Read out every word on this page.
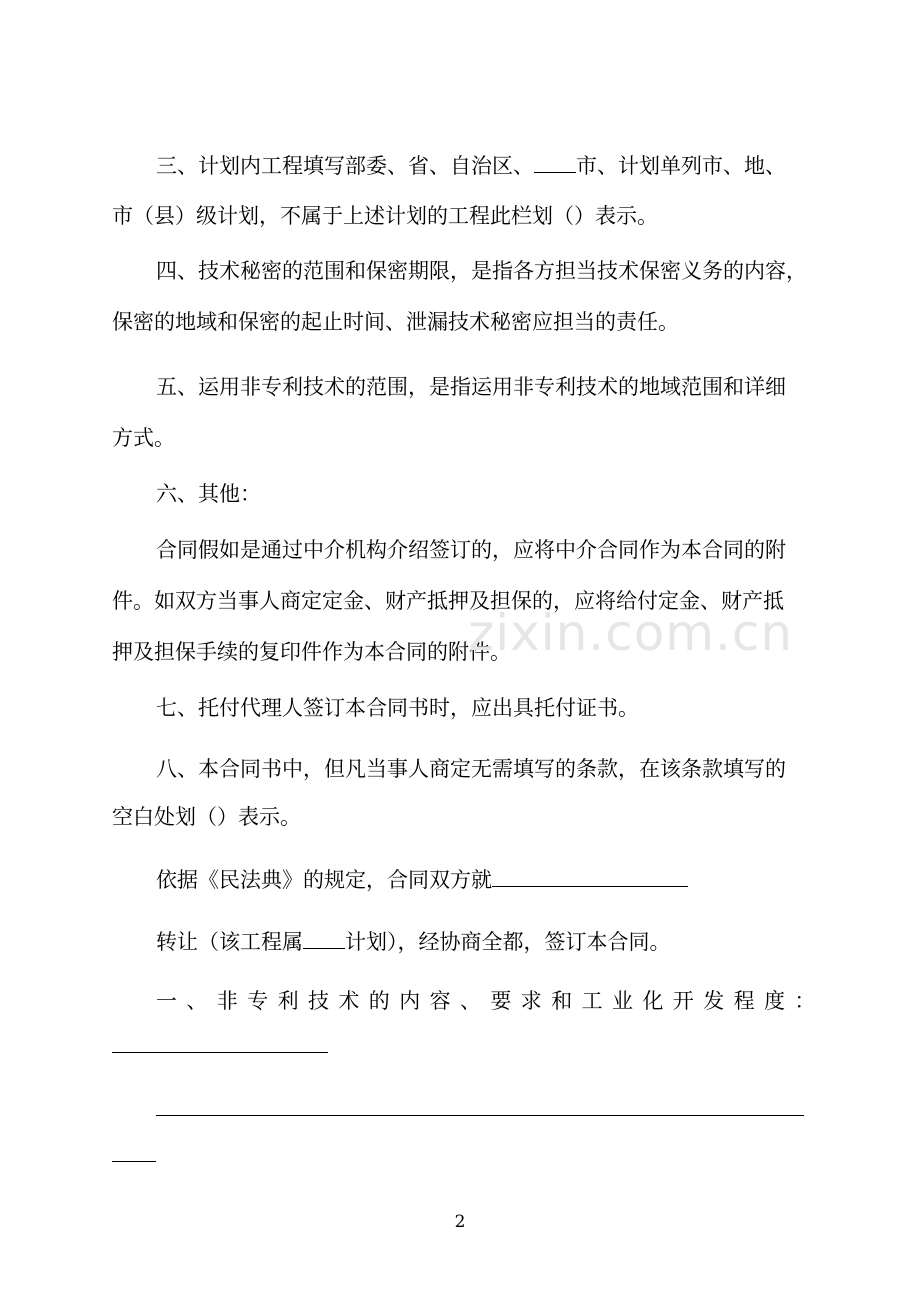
三、计划内工程填写部委、省、自治区、 市、计划单列市、地、

市（县）级计划，不属于上述计划的工程此栏划（）表示。

四、技术秘密的范围和保密期限，是指各方担当技术保密义务的内容，

保密的地域和保密的起止时间、泄漏技术秘密应担当的责任。

五、运用非专利技术的范围，是指运用非专利技术的地域范围和详细

方式。

六、其他：

合同假如是通过中介机构介绍签订的，应将中介合同作为本合同的附

件。如双方当事人商定定金、财产抵押及担保的，应将给付定金、财产抵

押及担保手续的复印件作为本合同的附件。

七、托付代理人签订本合同书时，应出具托付证书。

八、本合同书中，但凡当事人商定无需填写的条款，在该条款填写的

空白处划（）表示。

依据《民法典》的规定，合同双方就

转让（该工程属 计划），经协商全都，签订本合同。

一、非专利技术的内容、要求和工业化开发程度：

zixin.com.cn
2
